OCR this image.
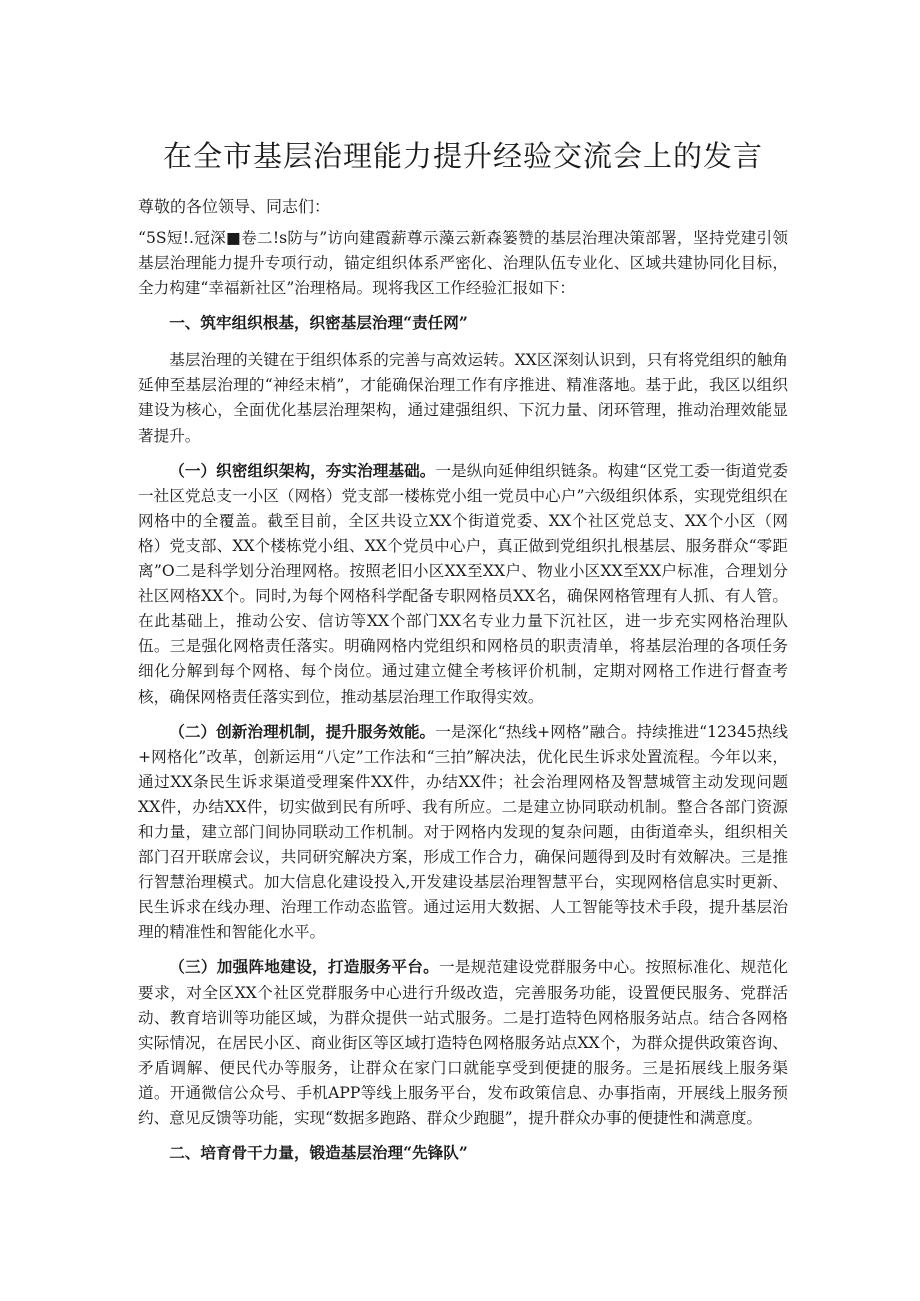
在全市基层治理能力提升经验交流会上的发言

尊敬的各位领导、同志们：

“5S短!.冠深■卷二!s防与”访向建霞薪尊示藻云新森篓赞的基层治理决策部署，坚持党建引领基层治理能力提升专项行动，锚定组织体系严密化、治理队伍专业化、区域共建协同化目标，全力构建“幸福新社区”治理格局。现将我区工作经验汇报如下：

一、筑牢组织根基，织密基层治理“责任网”

基层治理的关键在于组织体系的完善与高效运转。XX区深刻认识到，只有将党组织的触角延伸至基层治理的“神经末梢”，才能确保治理工作有序推进、精准落地。基于此，我区以组织建设为核心，全面优化基层治理架构，通过建强组织、下沉力量、闭环管理，推动治理效能显著提升。

（一）织密组织架构，夯实治理基础。一是纵向延伸组织链条。构建“区党工委一街道党委一社区党总支一小区（网格）党支部一楼栋党小组一党员中心户”六级组织体系，实现党组织在网格中的全覆盖。截至目前，全区共设立XX个街道党委、XX个社区党总支、XX个小区（网格）党支部、XX个楼栋党小组、XX个党员中心户，真正做到党组织扎根基层、服务群众“零距离”O二是科学划分治理网格。按照老旧小区XX至XX户、物业小区XX至XX户标准，合理划分社区网格XX个。同时,为每个网格科学配备专职网格员XX名，确保网格管理有人抓、有人管。在此基础上，推动公安、信访等XX个部门XX名专业力量下沉社区，进一步充实网格治理队伍。三是强化网格责任落实。明确网格内党组织和网格员的职责清单，将基层治理的各项任务细化分解到每个网格、每个岗位。通过建立健全考核评价机制，定期对网格工作进行督查考核，确保网格责任落实到位，推动基层治理工作取得实效。

（二）创新治理机制，提升服务效能。一是深化“热线+网格”融合。持续推进“12345热线+网格化”改革，创新运用“八定”工作法和“三拍”解决法，优化民生诉求处置流程。今年以来，通过XX条民生诉求渠道受理案件XX件，办结XX件；社会治理网格及智慧城管主动发现问题XX件，办结XX件，切实做到民有所呼、我有所应。二是建立协同联动机制。整合各部门资源和力量，建立部门间协同联动工作机制。对于网格内发现的复杂问题，由街道牵头，组织相关部门召开联席会议，共同研究解决方案，形成工作合力，确保问题得到及时有效解决。三是推行智慧治理模式。加大信息化建设投入,开发建设基层治理智慧平台，实现网格信息实时更新、民生诉求在线办理、治理工作动态监管。通过运用大数据、人工智能等技术手段，提升基层治理的精准性和智能化水平。

（三）加强阵地建设，打造服务平台。一是规范建设党群服务中心。按照标准化、规范化要求，对全区XX个社区党群服务中心进行升级改造，完善服务功能，设置便民服务、党群活动、教育培训等功能区域，为群众提供一站式服务。二是打造特色网格服务站点。结合各网格实际情况，在居民小区、商业街区等区域打造特色网格服务站点XX个，为群众提供政策咨询、矛盾调解、便民代办等服务，让群众在家门口就能享受到便捷的服务。三是拓展线上服务渠道。开通微信公众号、手机APP等线上服务平台，发布政策信息、办事指南，开展线上服务预约、意见反馈等功能，实现“数据多跑路、群众少跑腿”，提升群众办事的便捷性和满意度。

二、培育骨干力量，锻造基层治理“先锋队”
